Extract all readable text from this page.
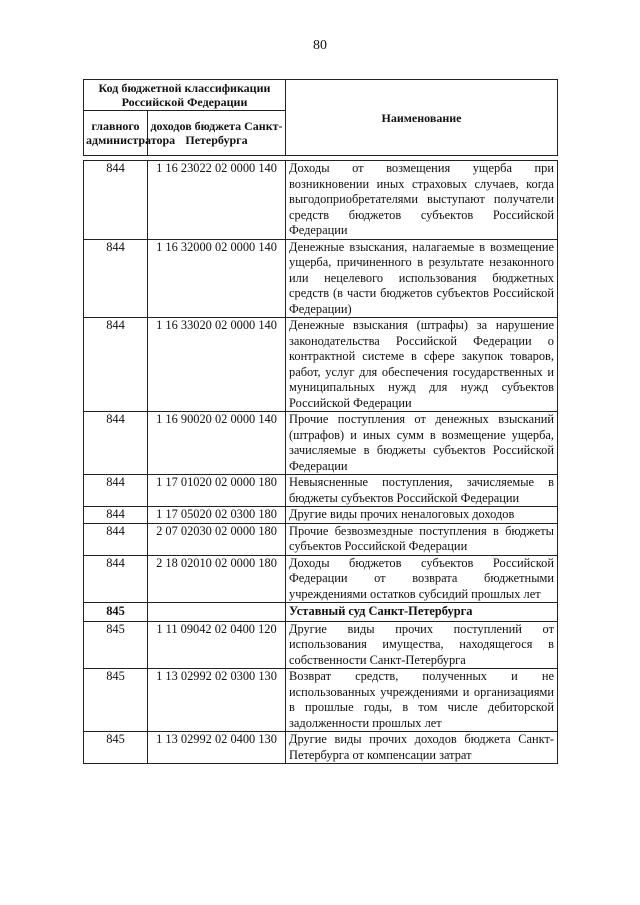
80
Код бюджетной классификации Российской Федерации		Наименование
главного администратора	доходов бюджета Санкт-Петербурга	
844	1 16 23022 02 0000 140	Доходы от возмещения ущерба при возникновении иных страховых случаев, когда выгодоприобретателями выступают получатели средств бюджетов субъектов Российской Федерации
844	1 16 32000 02 0000 140	Денежные взыскания, налагаемые в возмещение ущерба, причиненного в результате незаконного или нецелевого использования бюджетных средств (в части бюджетов субъектов Российской Федерации)
844	1 16 33020 02 0000 140	Денежные взыскания (штрафы) за нарушение законодательства Российской Федерации о контрактной системе в сфере закупок товаров, работ, услуг для обеспечения государственных и муниципальных нужд для нужд субъектов Российской Федерации
844	1 16 90020 02 0000 140	Прочие поступления от денежных взысканий (штрафов) и иных сумм в возмещение ущерба, зачисляемые в бюджеты субъектов Российской Федерации
844	1 17 01020 02 0000 180	Невыясненные поступления, зачисляемые в бюджеты субъектов Российской Федерации
844	1 17 05020 02 0300 180	Другие виды прочих неналоговых доходов
844	2 07 02030 02 0000 180	Прочие безвозмездные поступления в бюджеты субъектов Российской Федерации
844	2 18 02010 02 0000 180	Доходы бюджетов субъектов Российской Федерации от возврата бюджетными учреждениями остатков субсидий прошлых лет
845		Уставный суд Санкт-Петербурга
845	1 11 09042 02 0400 120	Другие виды прочих поступлений от использования имущества, находящегося в собственности Санкт-Петербурга
845	1 13 02992 02 0300 130	Возврат средств, полученных и не использованных учреждениями и организациями в прошлые годы, в том числе дебиторской задолженности прошлых лет
845	1 13 02992 02 0400 130	Другие виды прочих доходов бюджета Санкт-Петербурга от компенсации затрат
